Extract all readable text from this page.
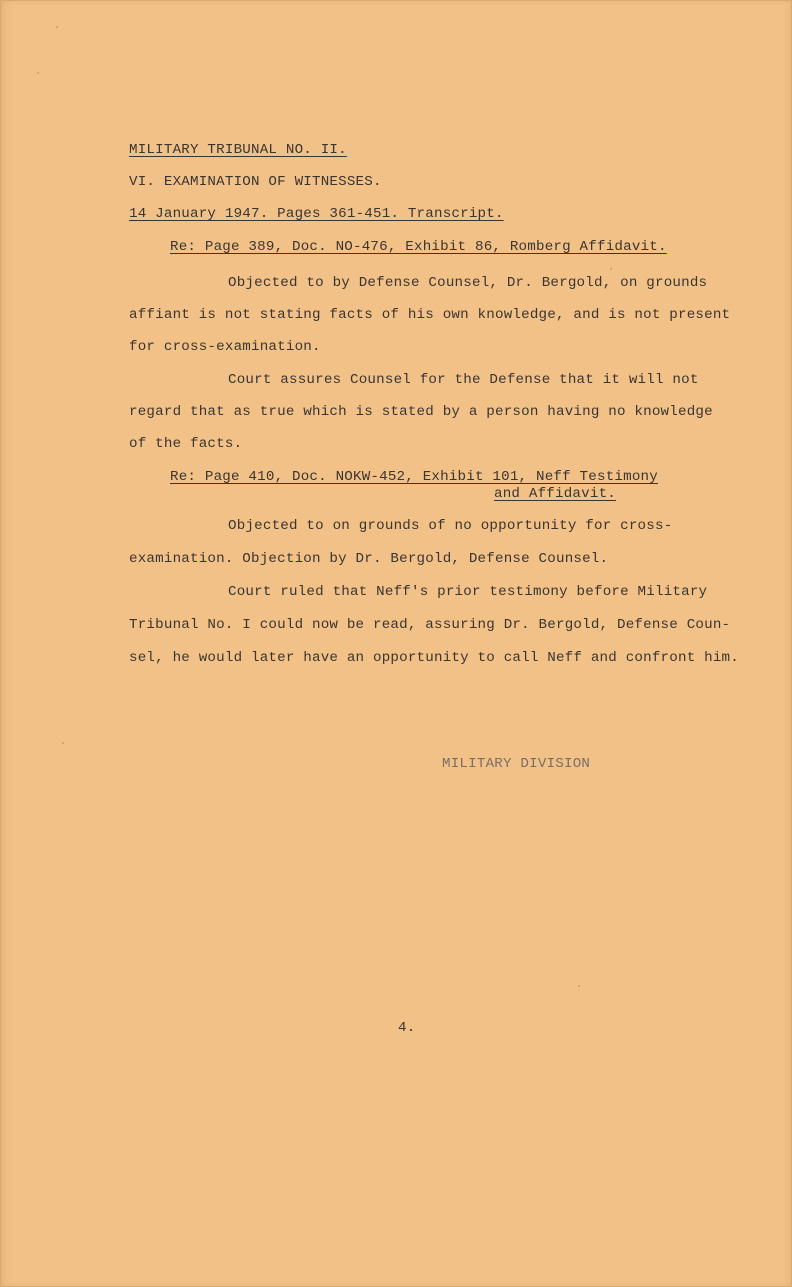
MILITARY TRIBUNAL NO. II.
VI. EXAMINATION OF WITNESSES.
14 January 1947. Pages 361-451. Transcript.
Re: Page 389, Doc. NO-476, Exhibit 86, Romberg Affidavit.
Objected to by Defense Counsel, Dr. Bergold, on grounds
affiant is not stating facts of his own knowledge, and is not present
for cross-examination.
Court assures Counsel for the Defense that it will not
regard that as true which is stated by a person having no knowledge
of the facts.
Re: Page 410, Doc. NOKW-452, Exhibit 101, Neff Testimony
and Affidavit.
Objected to on grounds of no opportunity for cross-
examination. Objection by Dr. Bergold, Defense Counsel.
Court ruled that Neff's prior testimony before Military
Tribunal No. I could now be read, assuring Dr. Bergold, Defense Coun-
sel, he would later have an opportunity to call Neff and confront him.
MILITARY DIVISION
4.
